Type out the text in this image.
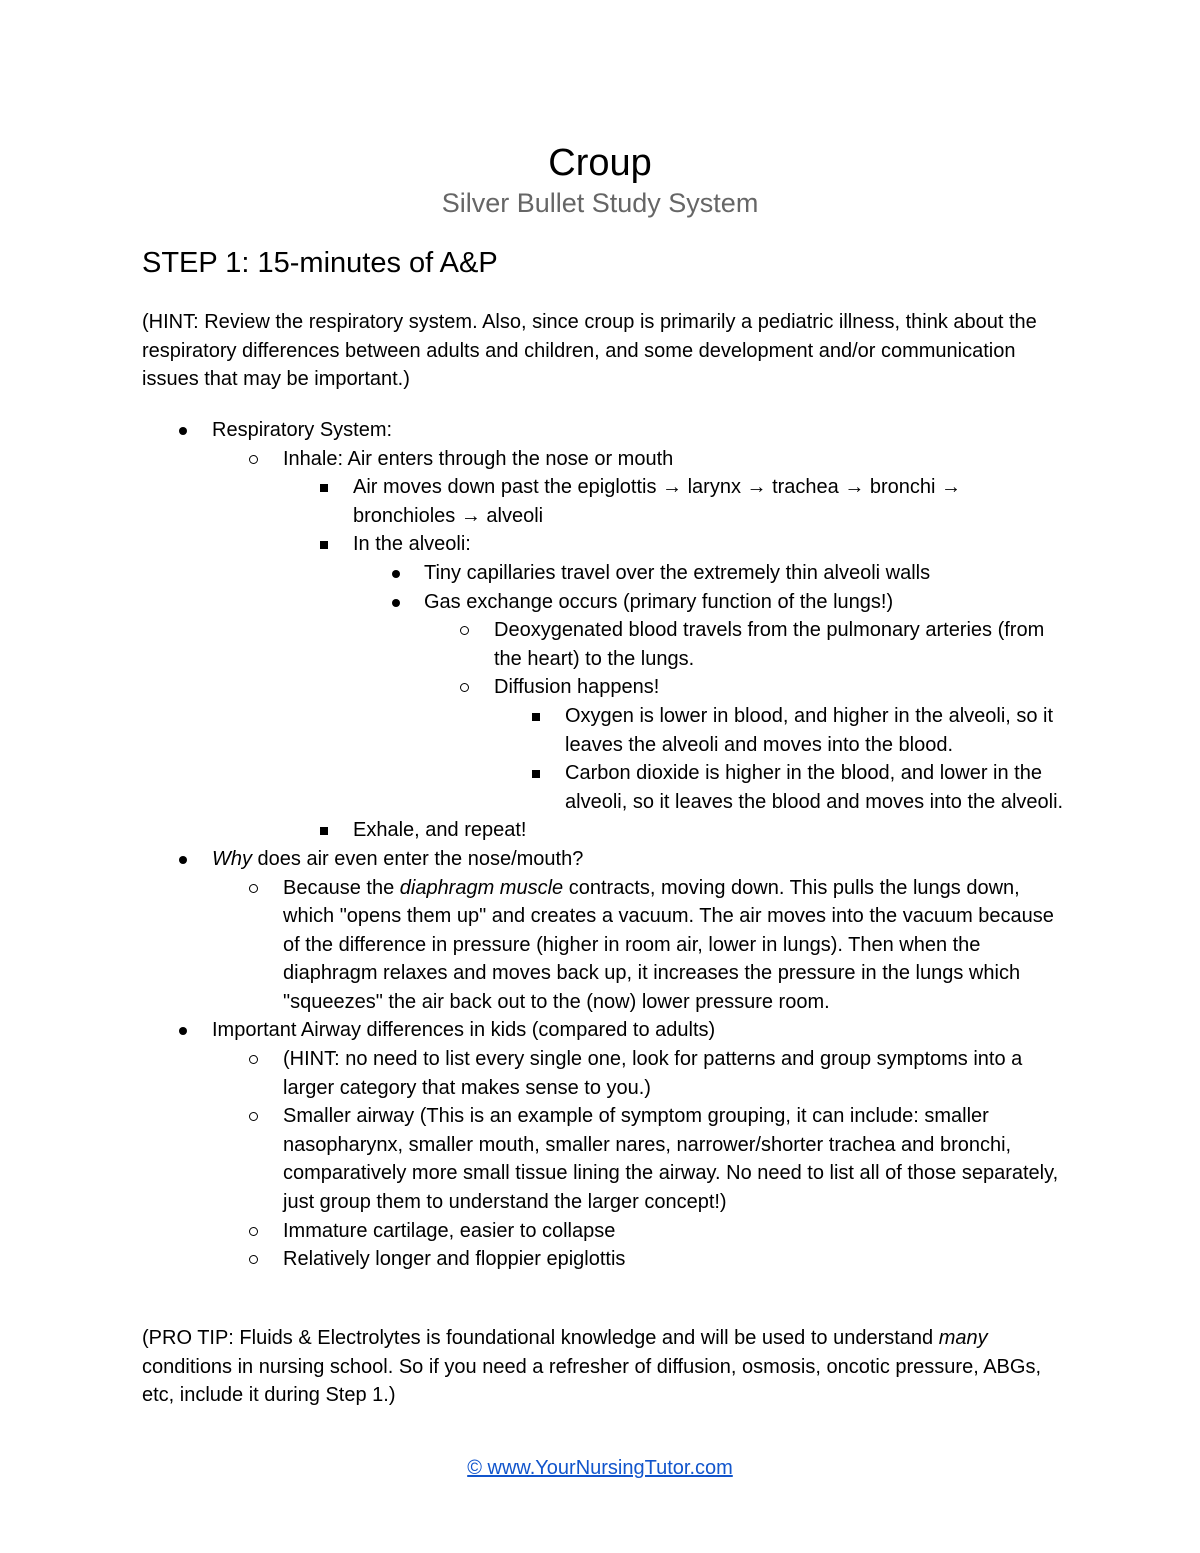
Croup
Silver Bullet Study System
STEP 1: 15-minutes of A&P

(HINT: Review the respiratory system. Also, since croup is primarily a pediatric illness, think about the respiratory differences between adults and children, and some development and/or communication issues that may be important.)

Respiratory System:
Inhale: Air enters through the nose or mouth
Air moves down past the epiglottis → larynx → trachea → bronchi → bronchioles → alveoli
In the alveoli:
Tiny capillaries travel over the extremely thin alveoli walls
Gas exchange occurs (primary function of the lungs!)
Deoxygenated blood travels from the pulmonary arteries (from the heart) to the lungs.
Diffusion happens!
Oxygen is lower in blood, and higher in the alveoli, so it leaves the alveoli and moves into the blood.
Carbon dioxide is higher in the blood, and lower in the alveoli, so it leaves the blood and moves into the alveoli.
Exhale, and repeat!
Why does air even enter the nose/mouth?
Because the diaphragm muscle contracts, moving down. This pulls the lungs down, which "opens them up" and creates a vacuum. The air moves into the vacuum because of the difference in pressure (higher in room air, lower in lungs). Then when the diaphragm relaxes and moves back up, it increases the pressure in the lungs which "squeezes" the air back out to the (now) lower pressure room.
Important Airway differences in kids (compared to adults)
(HINT: no need to list every single one, look for patterns and group symptoms into a larger category that makes sense to you.)
Smaller airway (This is an example of symptom grouping, it can include: smaller nasopharynx, smaller mouth, smaller nares, narrower/shorter trachea and bronchi, comparatively more small tissue lining the airway. No need to list all of those separately, just group them to understand the larger concept!)
Immature cartilage, easier to collapse
Relatively longer and floppier epiglottis

(PRO TIP: Fluids & Electrolytes is foundational knowledge and will be used to understand many conditions in nursing school. So if you need a refresher of diffusion, osmosis, oncotic pressure, ABGs, etc, include it during Step 1.)

© www.YourNursingTutor.com
